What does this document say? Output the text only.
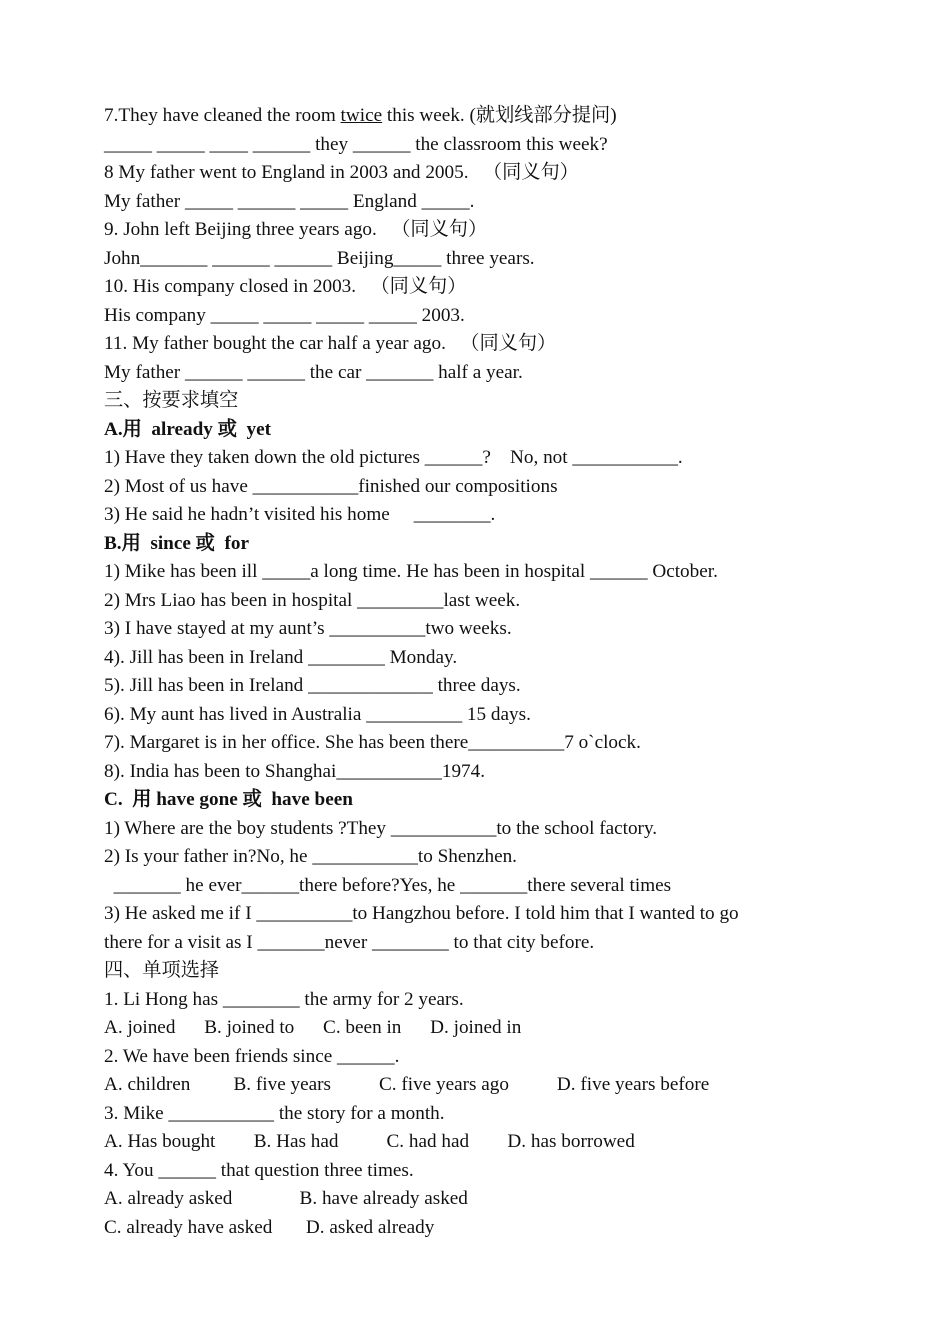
7.They have cleaned the room twice this week. (就划线部分提问)
_____ _____ ____ ______ they ______ the classroom this week?
8 My father went to England in 2003 and 2005.   （同义句）
My father _____ ______ _____ England _____.
9. John left Beijing three years ago.   （同义句）
John_______ ______ ______ Beijing_____ three years.
10. His company closed in 2003.   （同义句）
His company _____ _____ _____ _____ 2003.
11. My father bought the car half a year ago.   （同义句）
My father ______ ______ the car _______ half a year.
三、按要求填空
A.用  already 或  yet
1) Have they taken down the old pictures ______?    No, not ___________.
2) Most of us have ___________finished our compositions
3) He said he hadn’t visited his home     ________.
B.用  since 或  for
1) Mike has been ill _____a long time. He has been in hospital ______ October.
2) Mrs Liao has been in hospital _________last week.
3) I have stayed at my aunt’s __________two weeks.
4). Jill has been in Ireland ________ Monday.
5). Jill has been in Ireland _____________ three days.
6). My aunt has lived in Australia __________ 15 days.
7). Margaret is in her office. She has been there__________7 o`clock.
8). India has been to Shanghai___________1974.
C.  用 have gone 或  have been
1) Where are the boy students ?They ___________to the school factory.
2) Is your father in?No, he ___________to Shenzhen.
_______ he ever______there before?Yes, he _______there several times
3) He asked me if I __________to Hangzhou before. I told him that I wanted to go
there for a visit as I _______never ________ to that city before.
四、单项选择
1. Li Hong has ________ the army for 2 years.
A. joined      B. joined to      C. been in      D. joined in
2. We have been friends since ______.
A. children         B. five years          C. five years ago          D. five years before
3. Mike ___________ the story for a month.
A. Has bought        B. Has had          C. had had        D. has borrowed
4. You ______ that question three times.
A. already asked              B. have already asked
C. already have asked       D. asked already
